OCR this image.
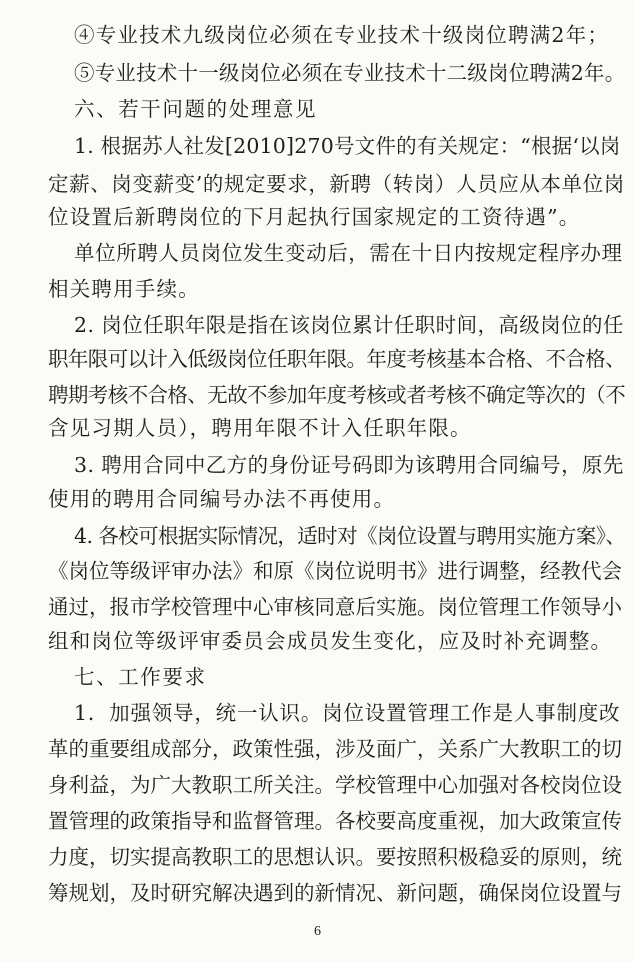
④专业技术九级岗位必须在专业技术十级岗位聘满2年；
⑤专业技术十一级岗位必须在专业技术十二级岗位聘满2年。
六、若干问题的处理意见
1. 根据苏人社发[2010]270号文件的有关规定：“根据‘以岗
定薪、岗变薪变’的规定要求，新聘（转岗）人员应从本单位岗
位设置后新聘岗位的下月起执行国家规定的工资待遇”。
单位所聘人员岗位发生变动后，需在十日内按规定程序办理
相关聘用手续。
2. 岗位任职年限是指在该岗位累计任职时间，高级岗位的任
职年限可以计入低级岗位任职年限。年度考核基本合格、不合格、
聘期考核不合格、无故不参加年度考核或者考核不确定等次的（不
含见习期人员），聘用年限不计入任职年限。
3. 聘用合同中乙方的身份证号码即为该聘用合同编号，原先
使用的聘用合同编号办法不再使用。
4. 各校可根据实际情况，适时对《岗位设置与聘用实施方案》、
《岗位等级评审办法》和原《岗位说明书》进行调整，经教代会
通过，报市学校管理中心审核同意后实施。岗位管理工作领导小
组和岗位等级评审委员会成员发生变化，应及时补充调整。
七、工作要求
1．加强领导，统一认识。岗位设置管理工作是人事制度改
革的重要组成部分，政策性强，涉及面广，关系广大教职工的切
身利益，为广大教职工所关注。学校管理中心加强对各校岗位设
置管理的政策指导和监督管理。各校要高度重视，加大政策宣传
力度，切实提高教职工的思想认识。要按照积极稳妥的原则，统
筹规划，及时研究解决遇到的新情况、新问题，确保岗位设置与
6
